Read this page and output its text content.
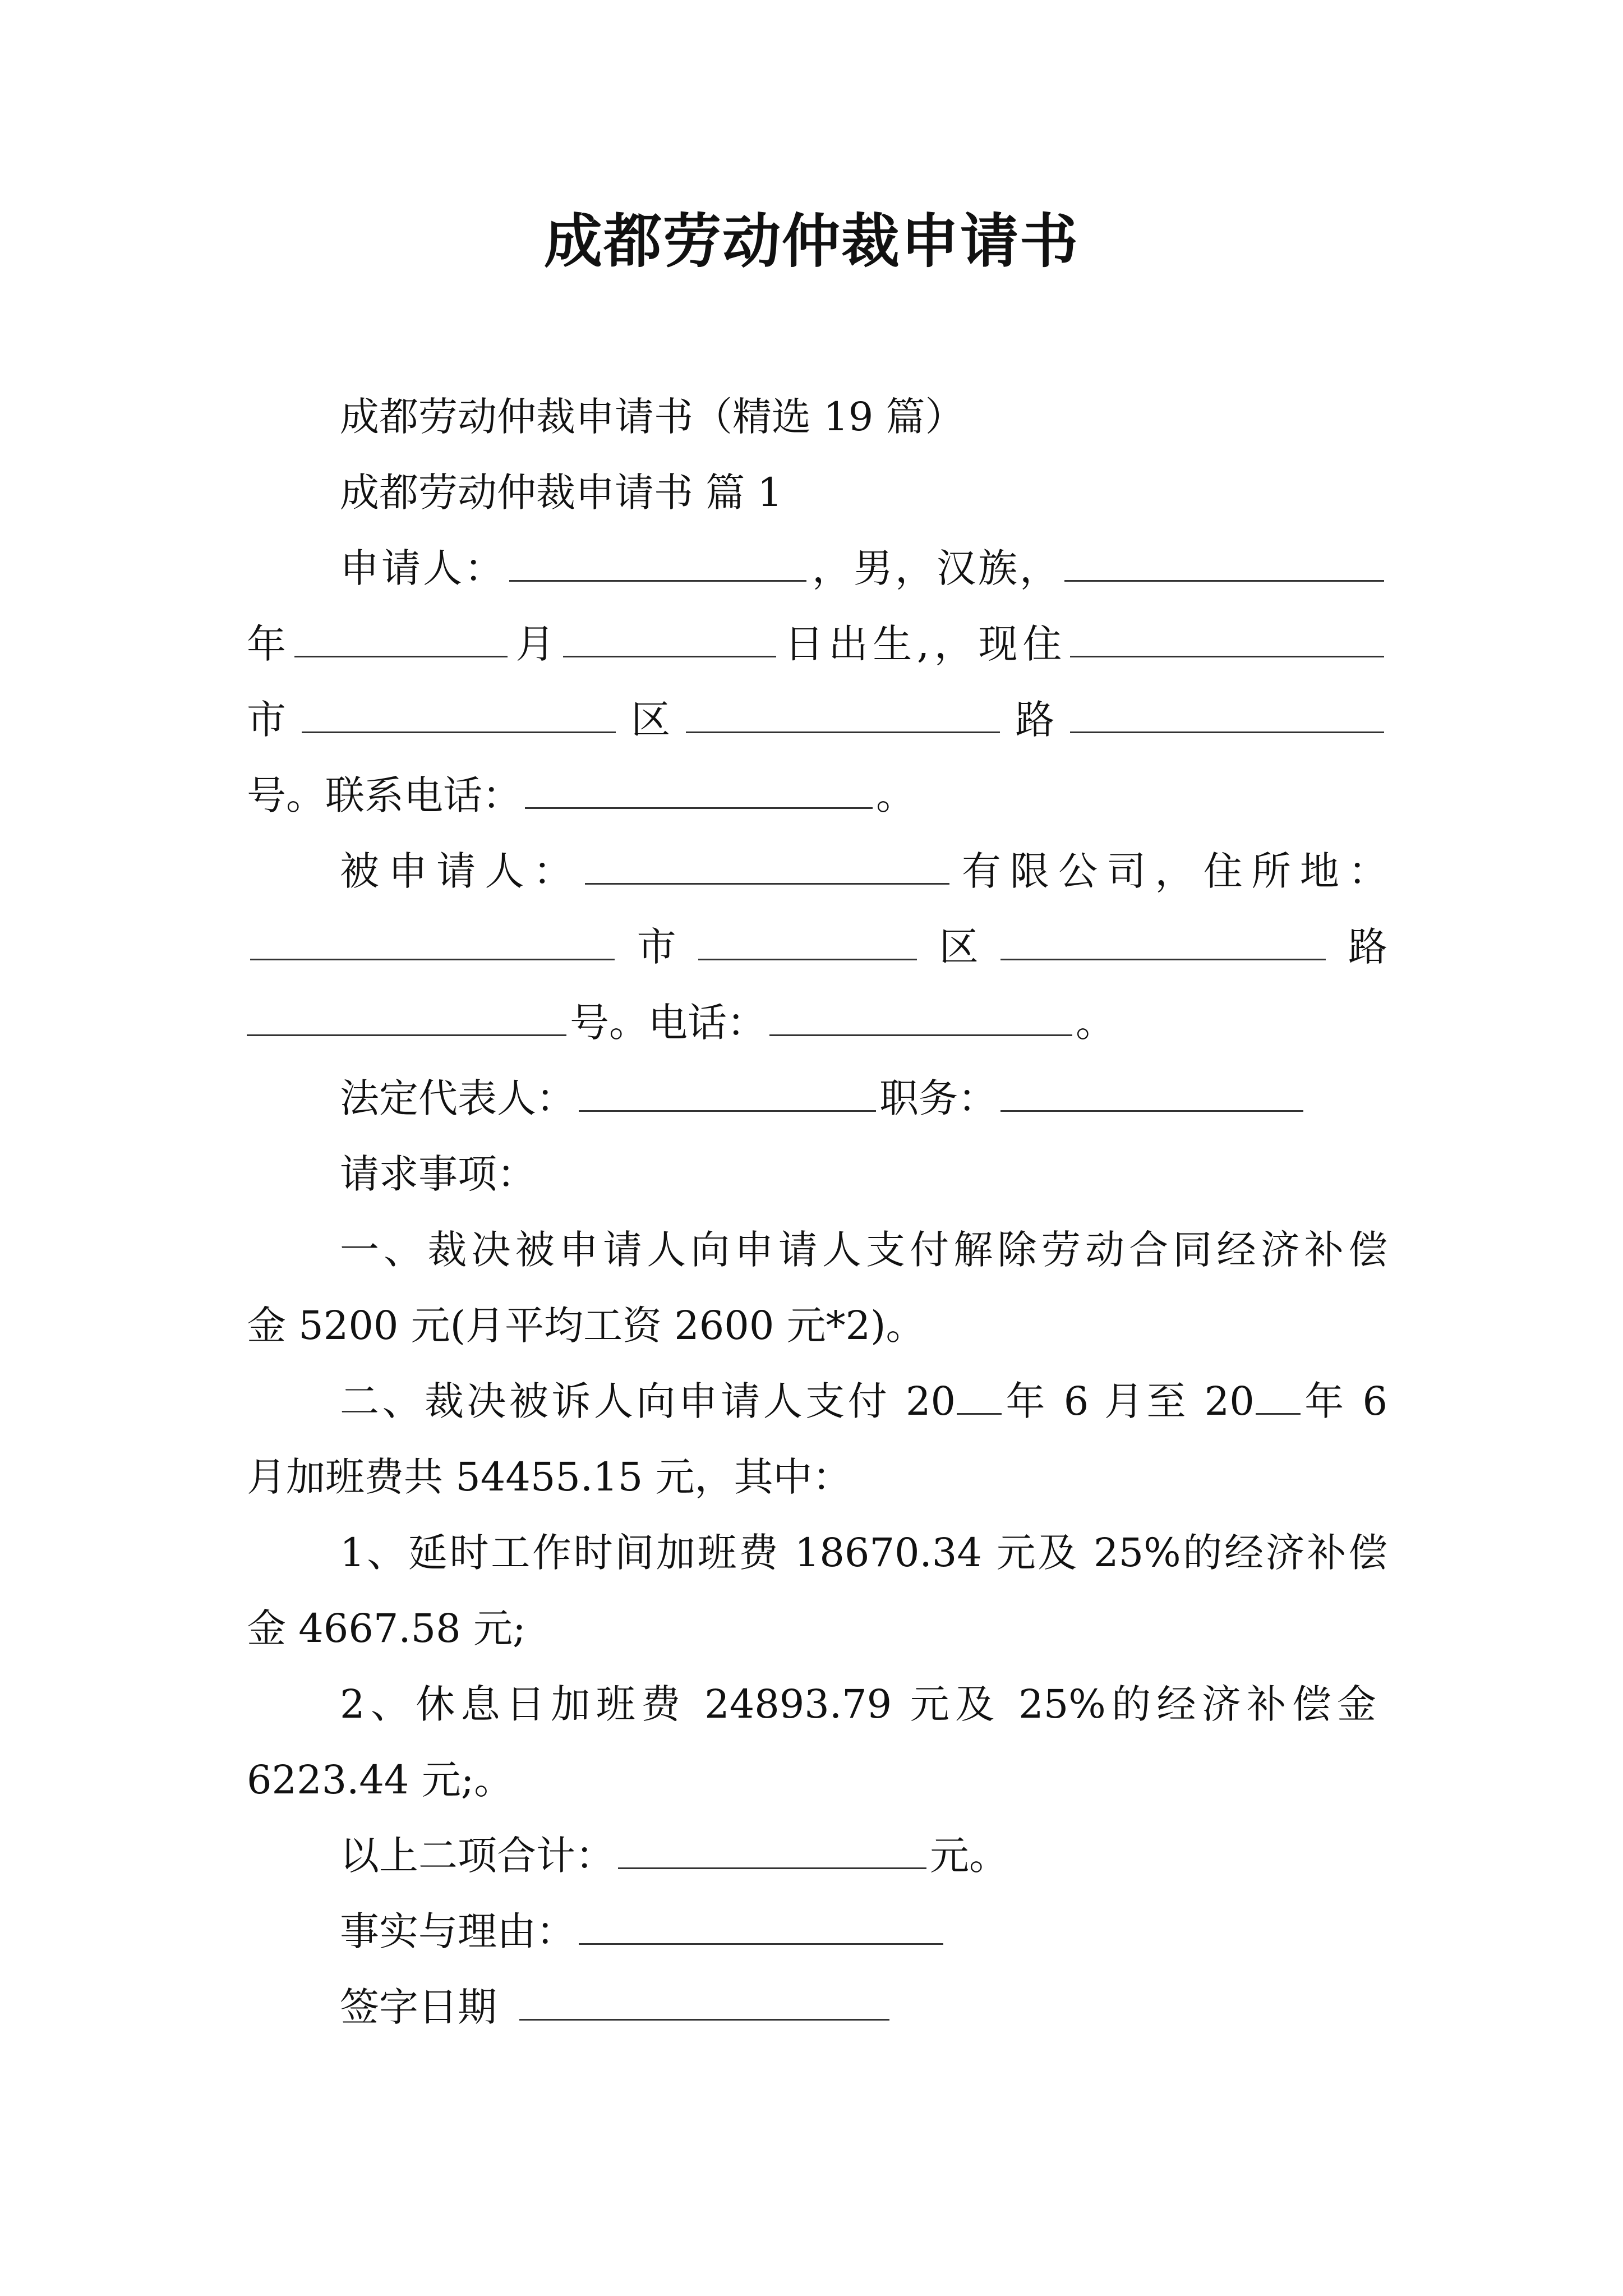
成都劳动仲裁申请书
成都劳动仲裁申请书（精选 19 篇）
成都劳动仲裁申请书 篇 1
申请人：	，男，汉族，
年	月	日出生,，现住
市	区	路
号。联系电话：	。
被申请人：	有限公司，住所地：
市	区	路
号。电话：	。
法定代表人：	职务：
请求事项：
一、裁决被申请人向申请人支付解除劳动合同经济补偿
金 5200 元(月平均工资 2600 元*2)。
二、裁决被诉人向申请人支付 20 年 6 月至 20 年 6
月加班费共 54455.15 元，其中：
1、延时工作时间加班费 18670.34 元及 25%的经济补偿
金 4667.58 元;
2、休息日加班费 24893.79 元及 25%的经济补偿金
6223.44 元;。
以上二项合计：	元。
事实与理由：
签字日期
